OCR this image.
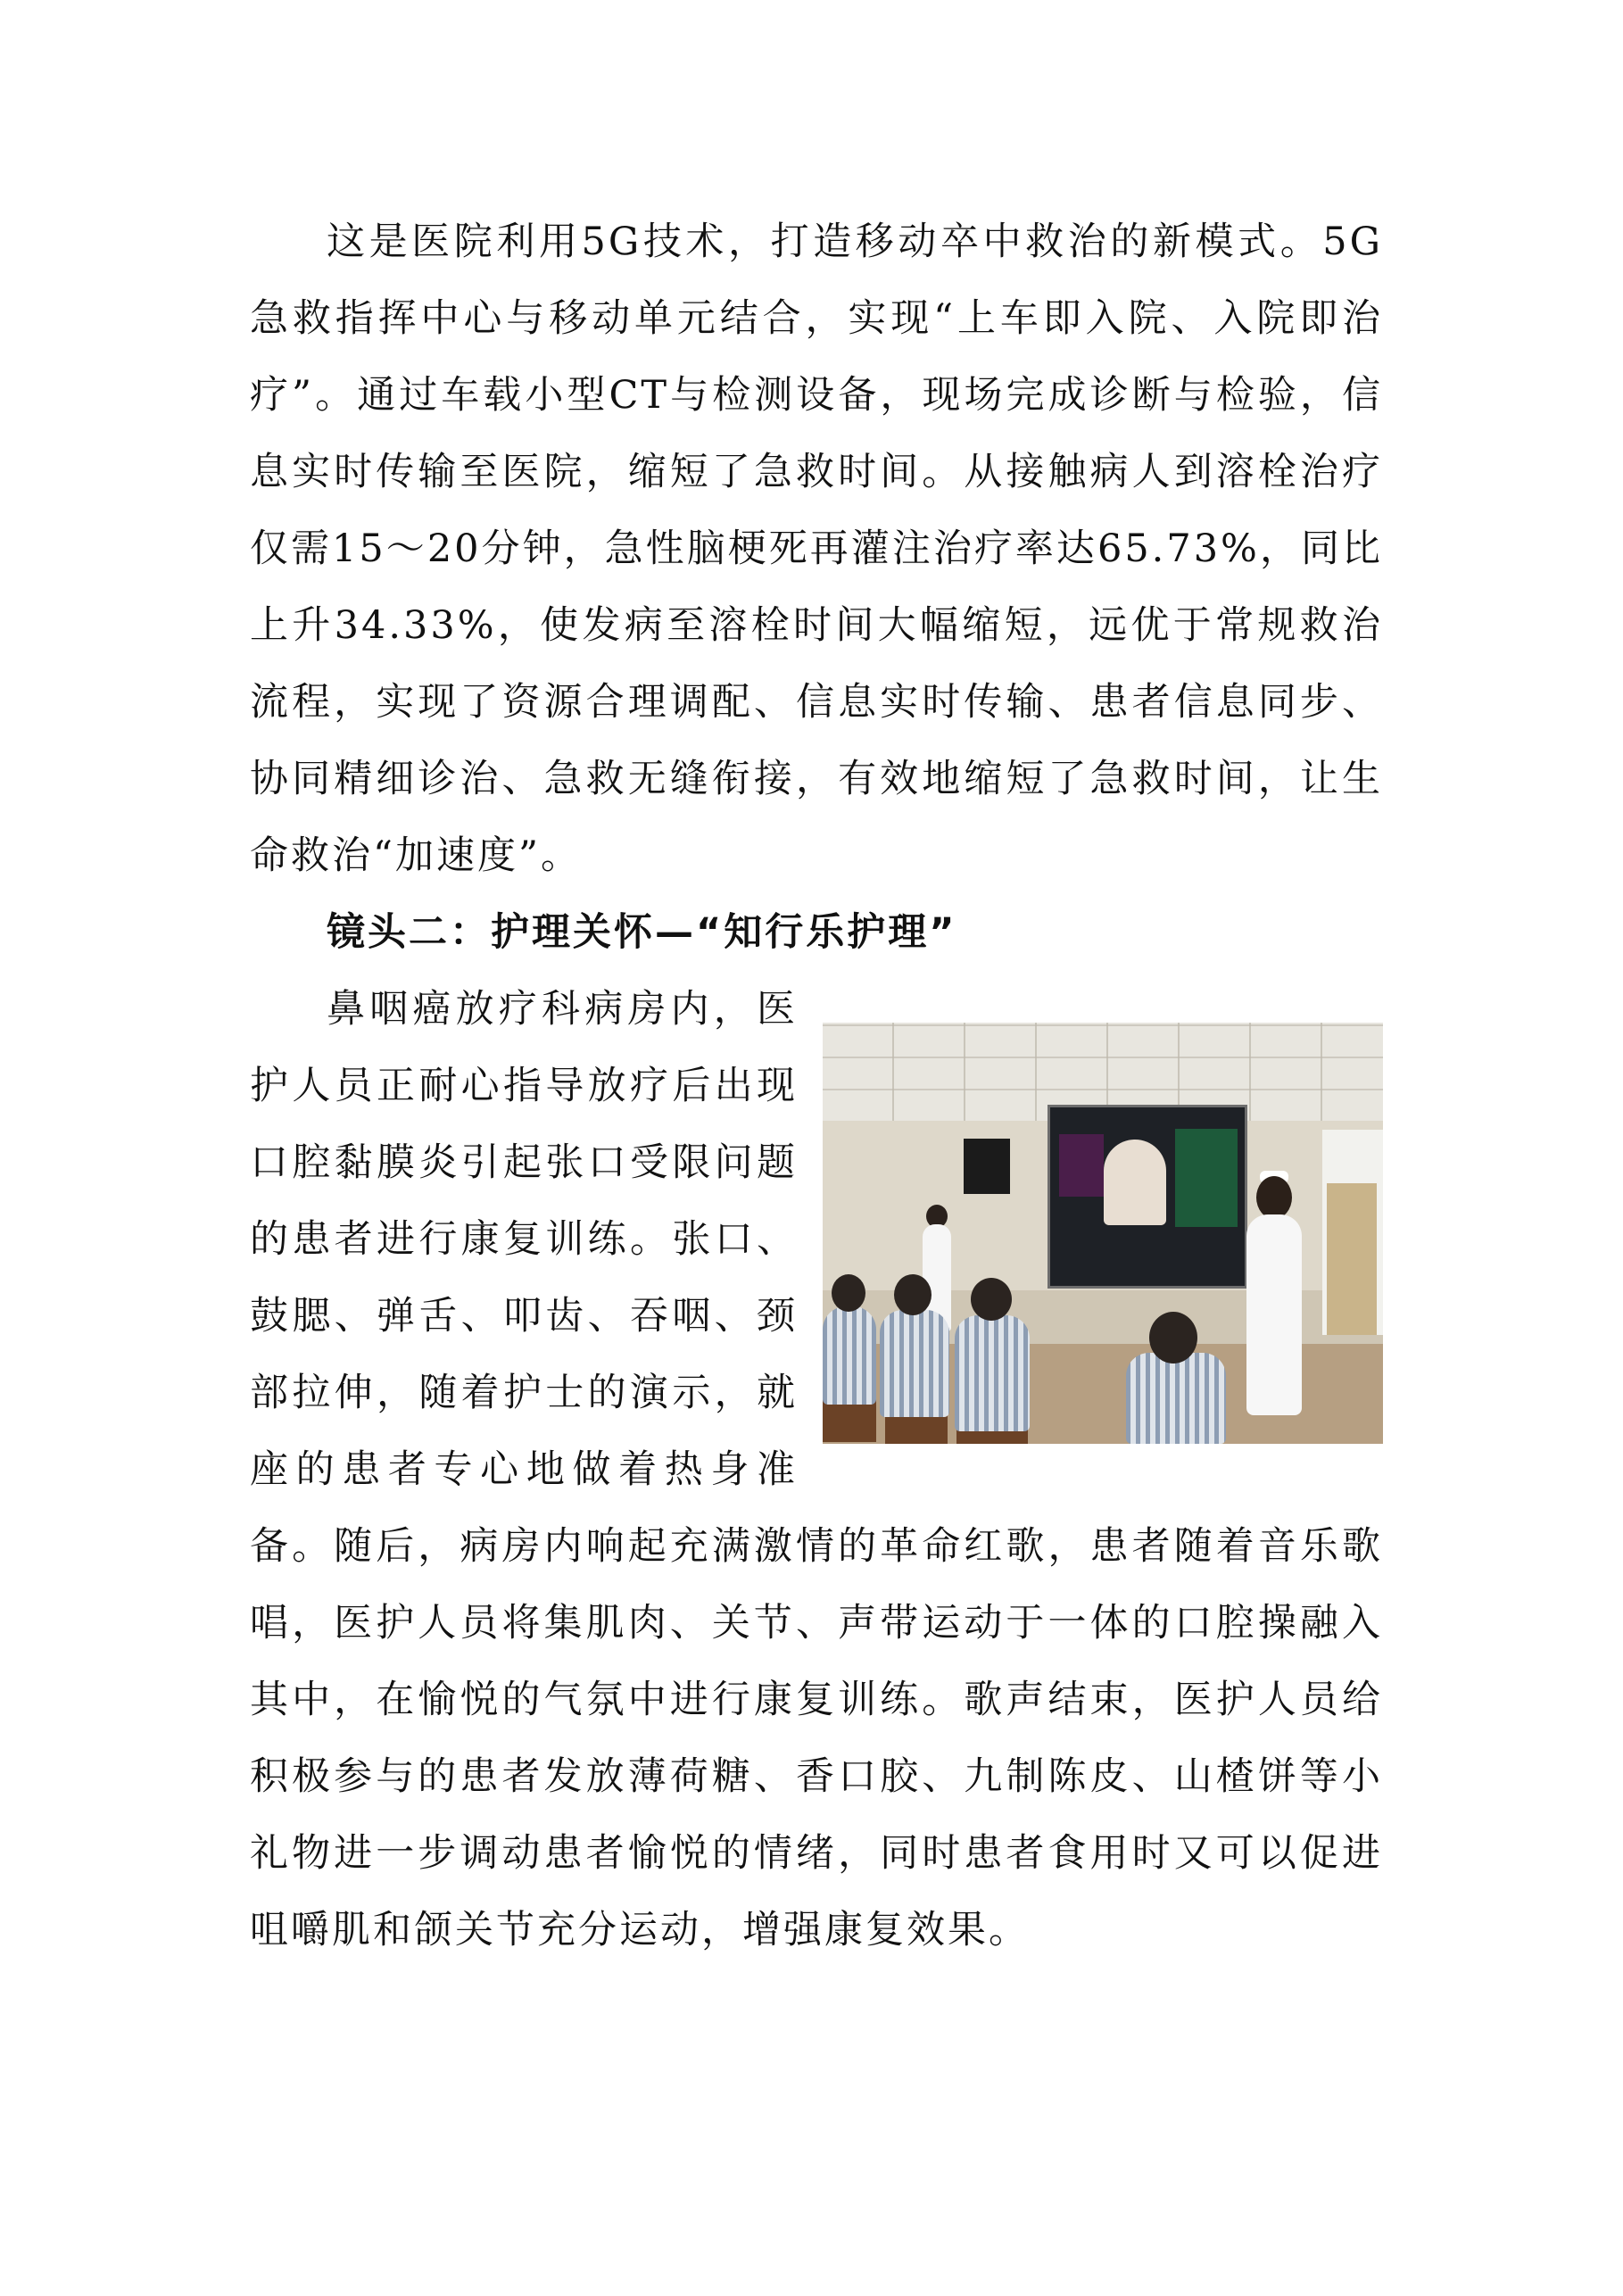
这是医院利用5G技术，打造移动卒中救治的新模式。5G急救指挥中心与移动单元结合，实现“上车即入院、入院即治疗”。通过车载小型CT与检测设备，现场完成诊断与检验，信息实时传输至医院，缩短了急救时间。从接触病人到溶栓治疗仅需15～20分钟，急性脑梗死再灌注治疗率达65.73%，同比上升34.33%，使发病至溶栓时间大幅缩短，远优于常规救治流程，实现了资源合理调配、信息实时传输、患者信息同步、协同精细诊治、急救无缝衔接，有效地缩短了急救时间，让生命救治“加速度”。

镜头二：护理关怀—“知行乐护理”

鼻咽癌放疗科病房内，医护人员正耐心指导放疗后出现口腔黏膜炎引起张口受限问题的患者进行康复训练。张口、鼓腮、弹舌、叩齿、吞咽、颈部拉伸，随着护士的演示，就座的患者专心地做着热身准备。随后，病房内响起充满激情的革命红歌，患者随着音乐歌唱，医护人员将集肌肉、关节、声带运动于一体的口腔操融入其中，在愉悦的气氛中进行康复训练。歌声结束，医护人员给积极参与的患者发放薄荷糖、香口胶、九制陈皮、山楂饼等小礼物进一步调动患者愉悦的情绪，同时患者食用时又可以促进咀嚼肌和颌关节充分运动，增强康复效果。
